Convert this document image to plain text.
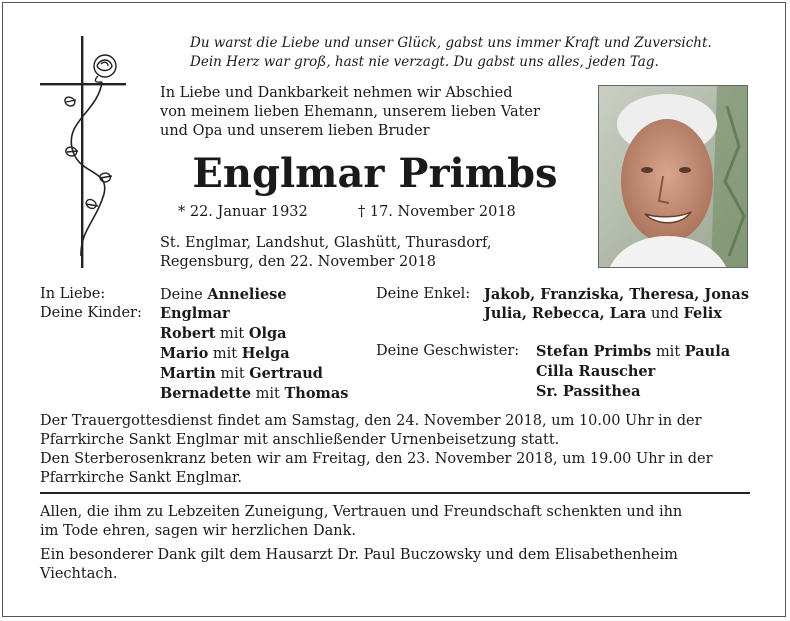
Du warst die Liebe und unser Glück, gabst uns immer Kraft und Zuversicht.
Dein Herz war groß, hast nie verzagt. Du gabst uns alles, jeden Tag.
In Liebe und Dankbarkeit nehmen wir Abschied
von meinem lieben Ehemann, unserem lieben Vater
und Opa und unserem lieben Bruder
Englmar Primbs
* 22. Januar 1932	† 17. November 2018
St. Englmar, Landshut, Glashütt, Thurasdorf,
Regensburg, den 22. November 2018
In Liebe:	Deine Anneliese
Deine Kinder: Englmar
Robert mit Olga
Mario mit Helga
Martin mit Gertraud
Bernadette mit Thomas
Deine Enkel: Jakob, Franziska, Theresa, Jonas
Julia, Rebecca, Lara und Felix
Deine Geschwister: Stefan Primbs mit Paula
Cilla Rauscher
Sr. Passithea
Der Trauergottesdienst findet am Samstag, den 24. November 2018, um 10.00 Uhr in der
Pfarrkirche Sankt Englmar mit anschließender Urnenbeisetzung statt.
Den Sterberosenkranz beten wir am Freitag, den 23. November 2018, um 19.00 Uhr in der
Pfarrkirche Sankt Englmar.
Allen, die ihm zu Lebzeiten Zuneigung, Vertrauen und Freundschaft schenkten und ihn
im Tode ehren, sagen wir herzlichen Dank.
Ein besonderer Dank gilt dem Hausarzt Dr. Paul Buczowsky und dem Elisabethenheim
Viechtach.
